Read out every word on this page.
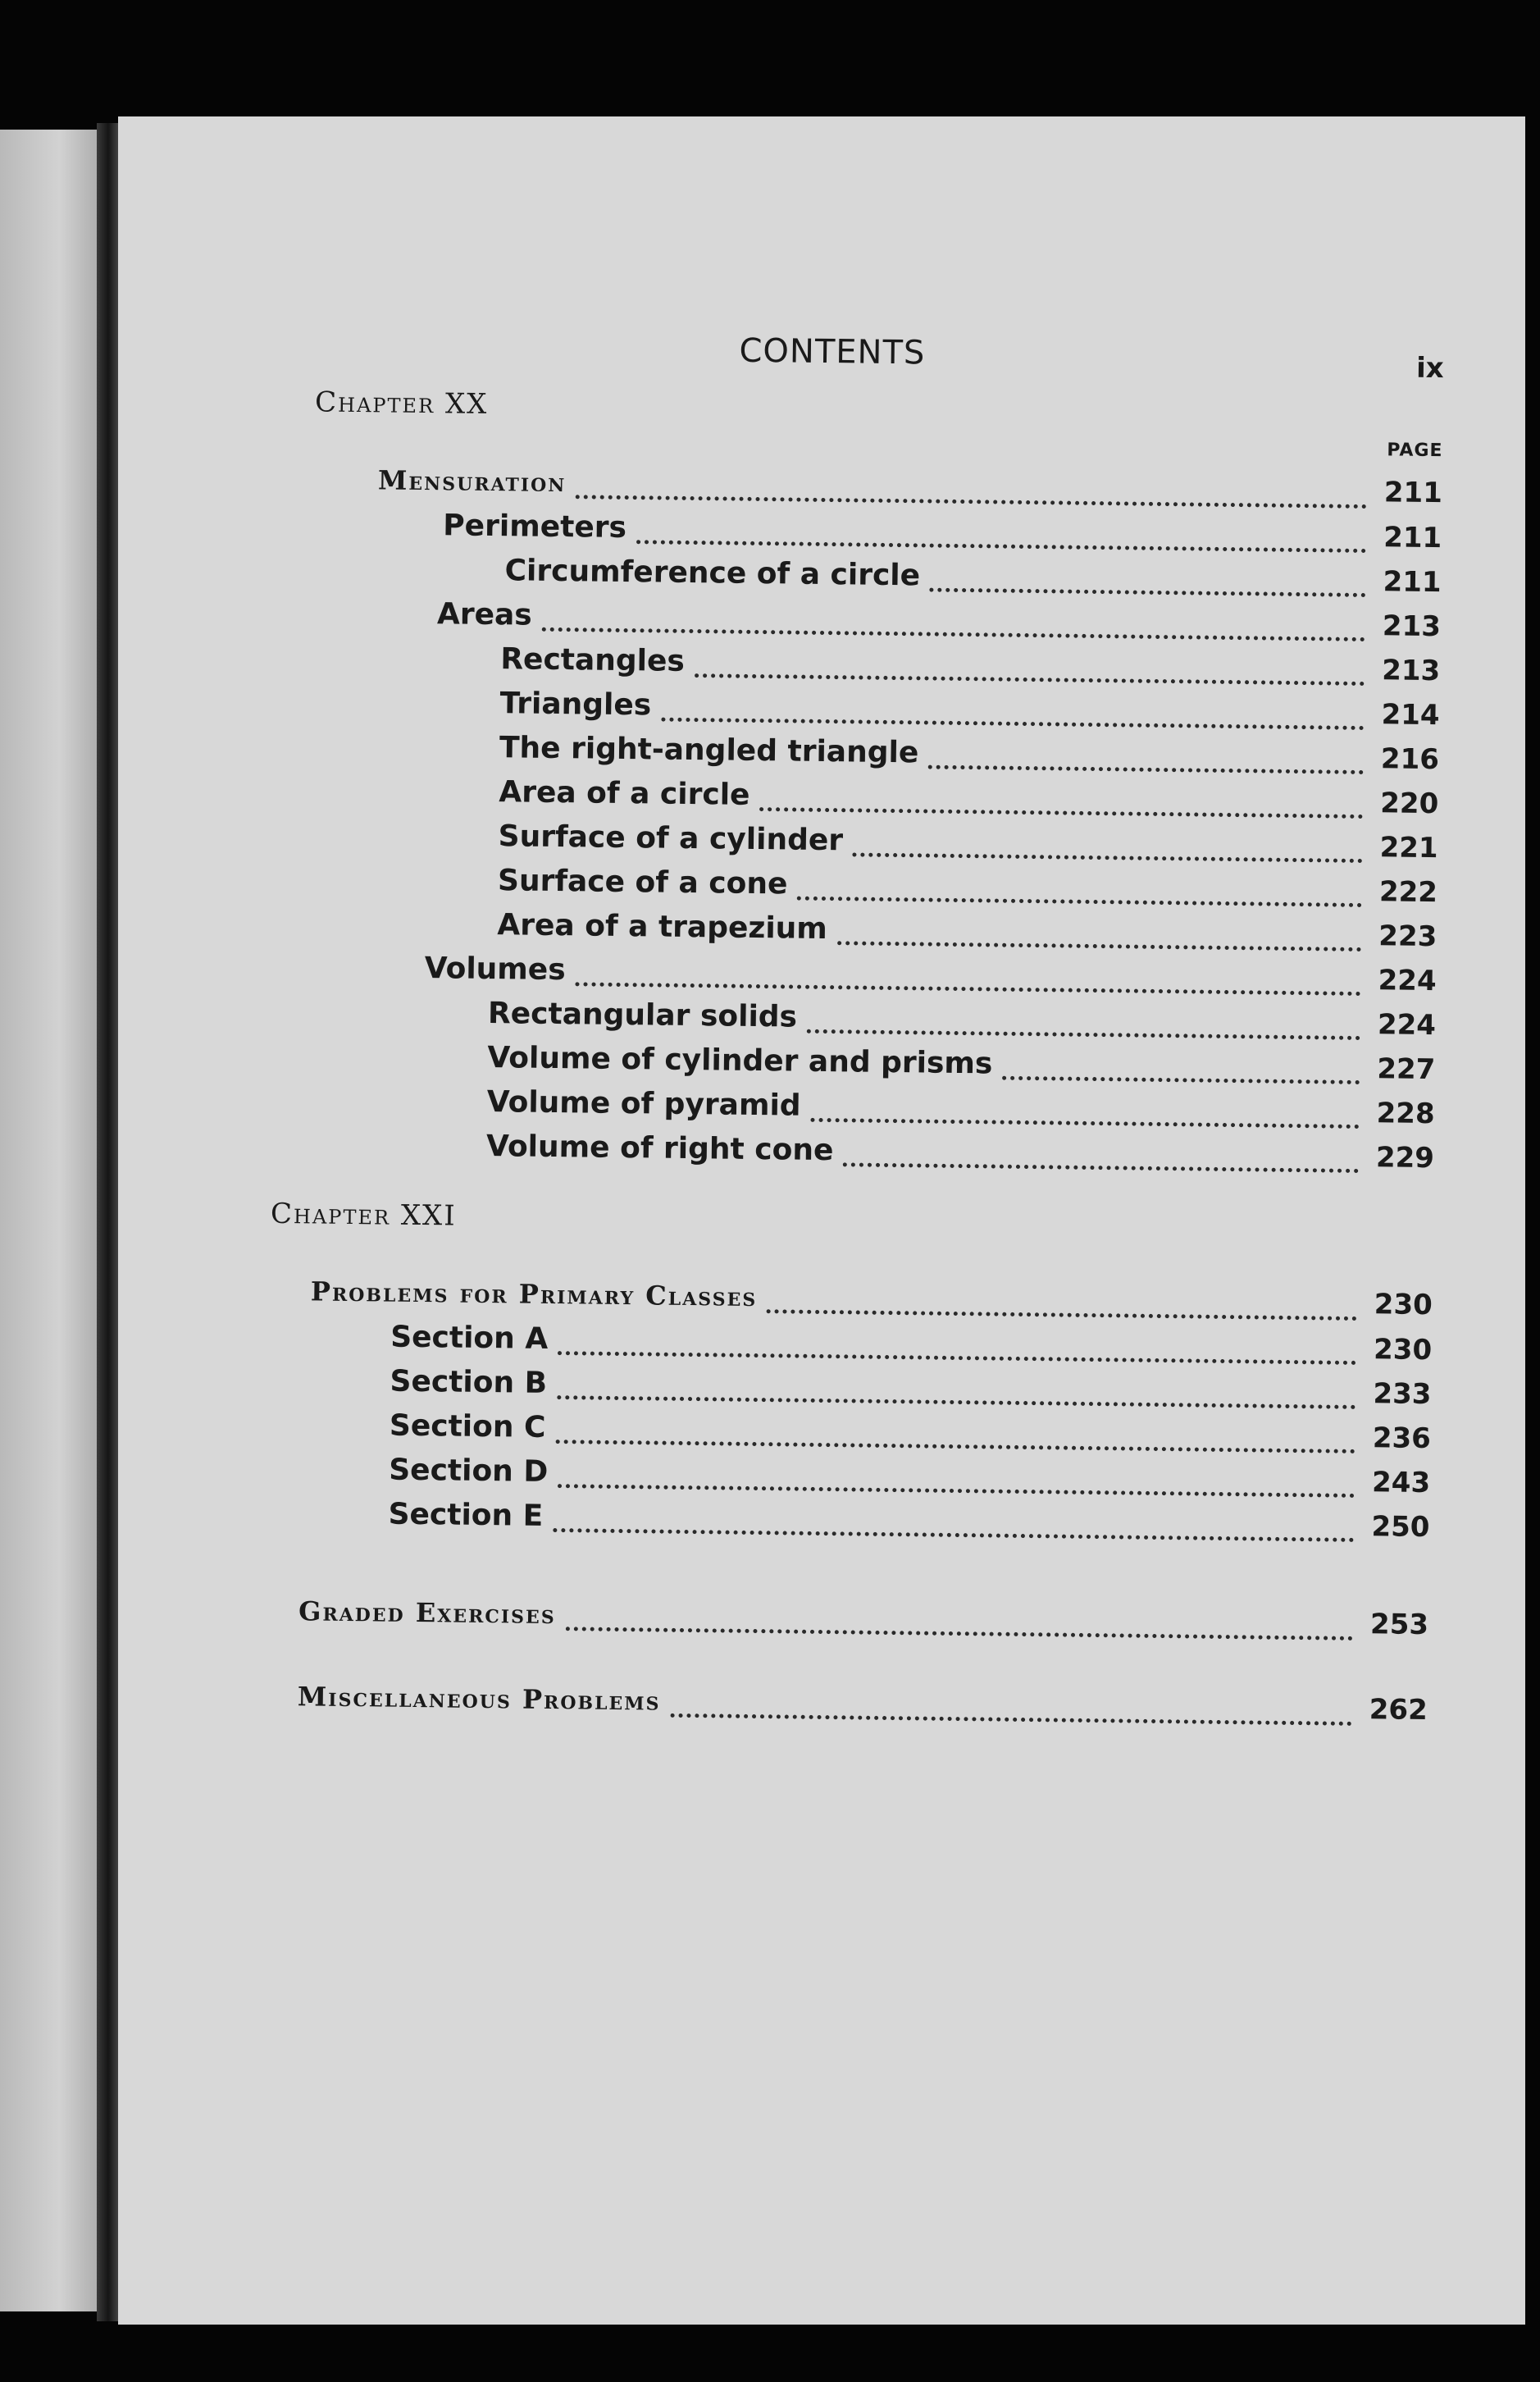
CONTENTS	ix
PAGE
Chapter XX
Mensuration	211
Perimeters	211
Circumference of a circle	211
Areas	213
Rectangles	213
Triangles	214
The right-angled triangle	216
Area of a circle	220
Surface of a cylinder	221
Surface of a cone	222
Area of a trapezium	223
Volumes	224
Rectangular solids	224
Volume of cylinder and prisms	227
Volume of pyramid	228
Volume of right cone	229
Chapter XXI
Problems for Primary Classes	230
Section A	230
Section B	233
Section C	236
Section D	243
Section E	250
Graded Exercises	253
Miscellaneous Problems	262
